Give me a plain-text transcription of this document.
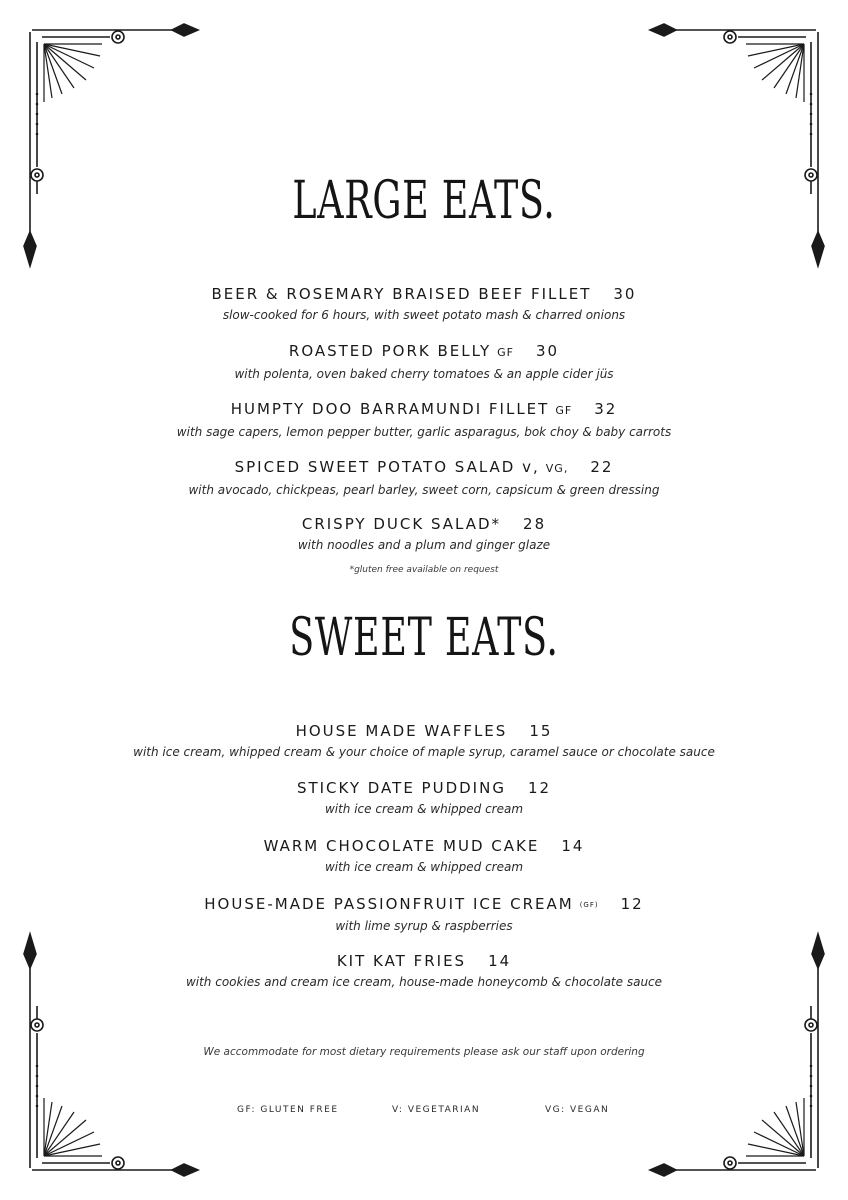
LARGE EATS.
BEER & ROSEMARY BRAISED BEEF FILLET 30
slow-cooked for 6 hours, with sweet potato mash & charred onions
ROASTED PORK BELLY GF 30
with polenta, oven baked cherry tomatoes & an apple cider jüs
HUMPTY DOO BARRAMUNDI FILLET GF 32
with sage capers, lemon pepper butter, garlic asparagus, bok choy & baby carrots
SPICED SWEET POTATO SALAD v, VG, 22
with avocado, chickpeas, pearl barley, sweet corn, capsicum & green dressing
CRISPY DUCK SALAD* 28
with noodles and a plum and ginger glaze
*gluten free available on request
SWEET EATS.
HOUSE MADE WAFFLES 15
with ice cream, whipped cream & your choice of maple syrup, caramel sauce or chocolate sauce
STICKY DATE PUDDING 12
with ice cream & whipped cream
WARM CHOCOLATE MUD CAKE 14
with ice cream & whipped cream
HOUSE-MADE PASSIONFRUIT ICE CREAM (GF) 12
with lime syrup & raspberries
KIT KAT FRIES 14
with cookies and cream ice cream, house-made honeycomb & chocolate sauce
We accommodate for most dietary requirements please ask our staff upon ordering
GF: GLUTEN FREE	V: VEGETARIAN	VG: VEGAN
